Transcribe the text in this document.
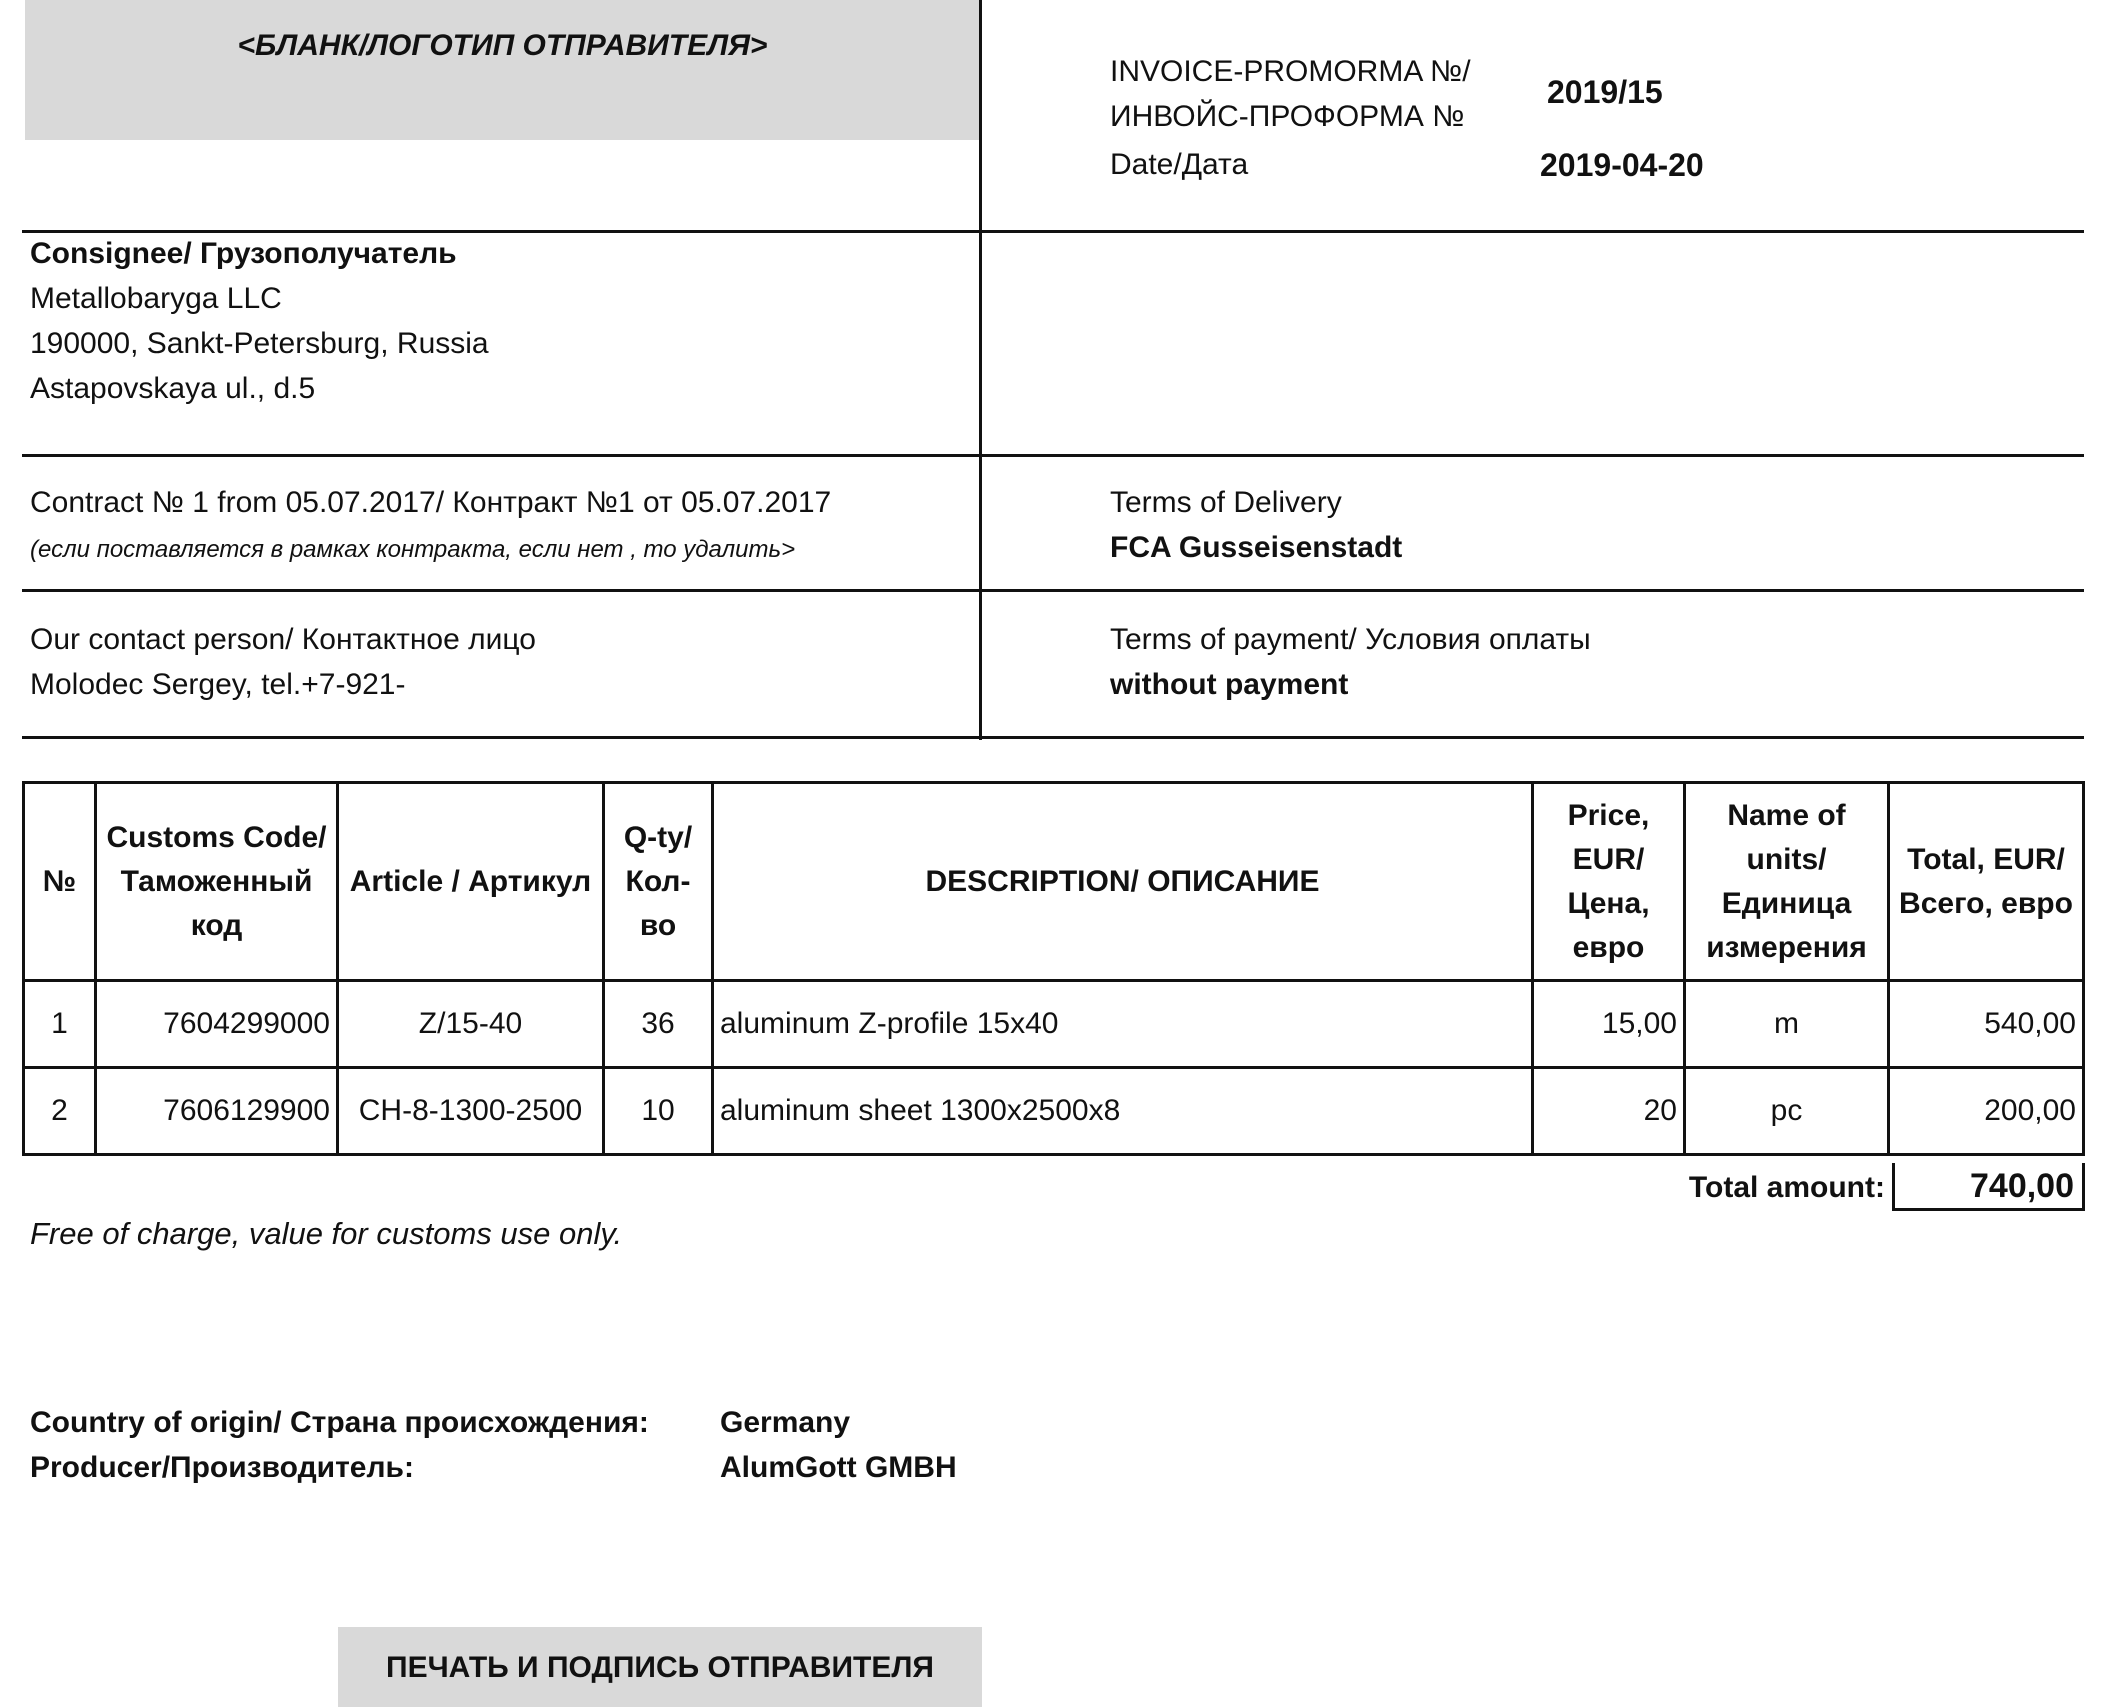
<БЛАНК/ЛОГОТИП ОТПРАВИТЕЛЯ>
INVOICE-PROMORMA №/
ИНВОЙС-ПРОФОРМА №
2019/15
Date/Дата	2019-04-20
Consignee/ Грузополучатель
Metallobaryga LLC
190000, Sankt-Petersburg, Russia
Astapovskaya ul., d.5
Contract № 1 from 05.07.2017/ Контракт №1 от 05.07.2017
(если поставляется в рамках контракта, если нет , то удалить>
Terms of Delivery
FCA Gusseisenstadt
Our contact person/ Контактное лицо
Molodec Sergey, tel.+7-921-
Terms of payment/ Условия оплаты
without payment
№	Customs Code/ Таможенный код	Article / Артикул	Q-ty/ Кол-во	DESCRIPTION/ ОПИСАНИЕ	Price, EUR/ Цена, евро	Name of units/ Единица измерения	Total, EUR/ Всего, евро
1	7604299000	Z/15-40	36	aluminum Z-profile 15x40	15,00	m	540,00
2	7606129900	CH-8-1300-2500	10	aluminum sheet 1300x2500x8	20	pc	200,00
Total amount:	740,00
Free of charge, value for customs use only.
Country of origin/ Страна происхождения: Germany
Producer/Производитель:	AlumGott GMBH
ПЕЧАТЬ И ПОДПИСЬ ОТПРАВИТЕЛЯ
